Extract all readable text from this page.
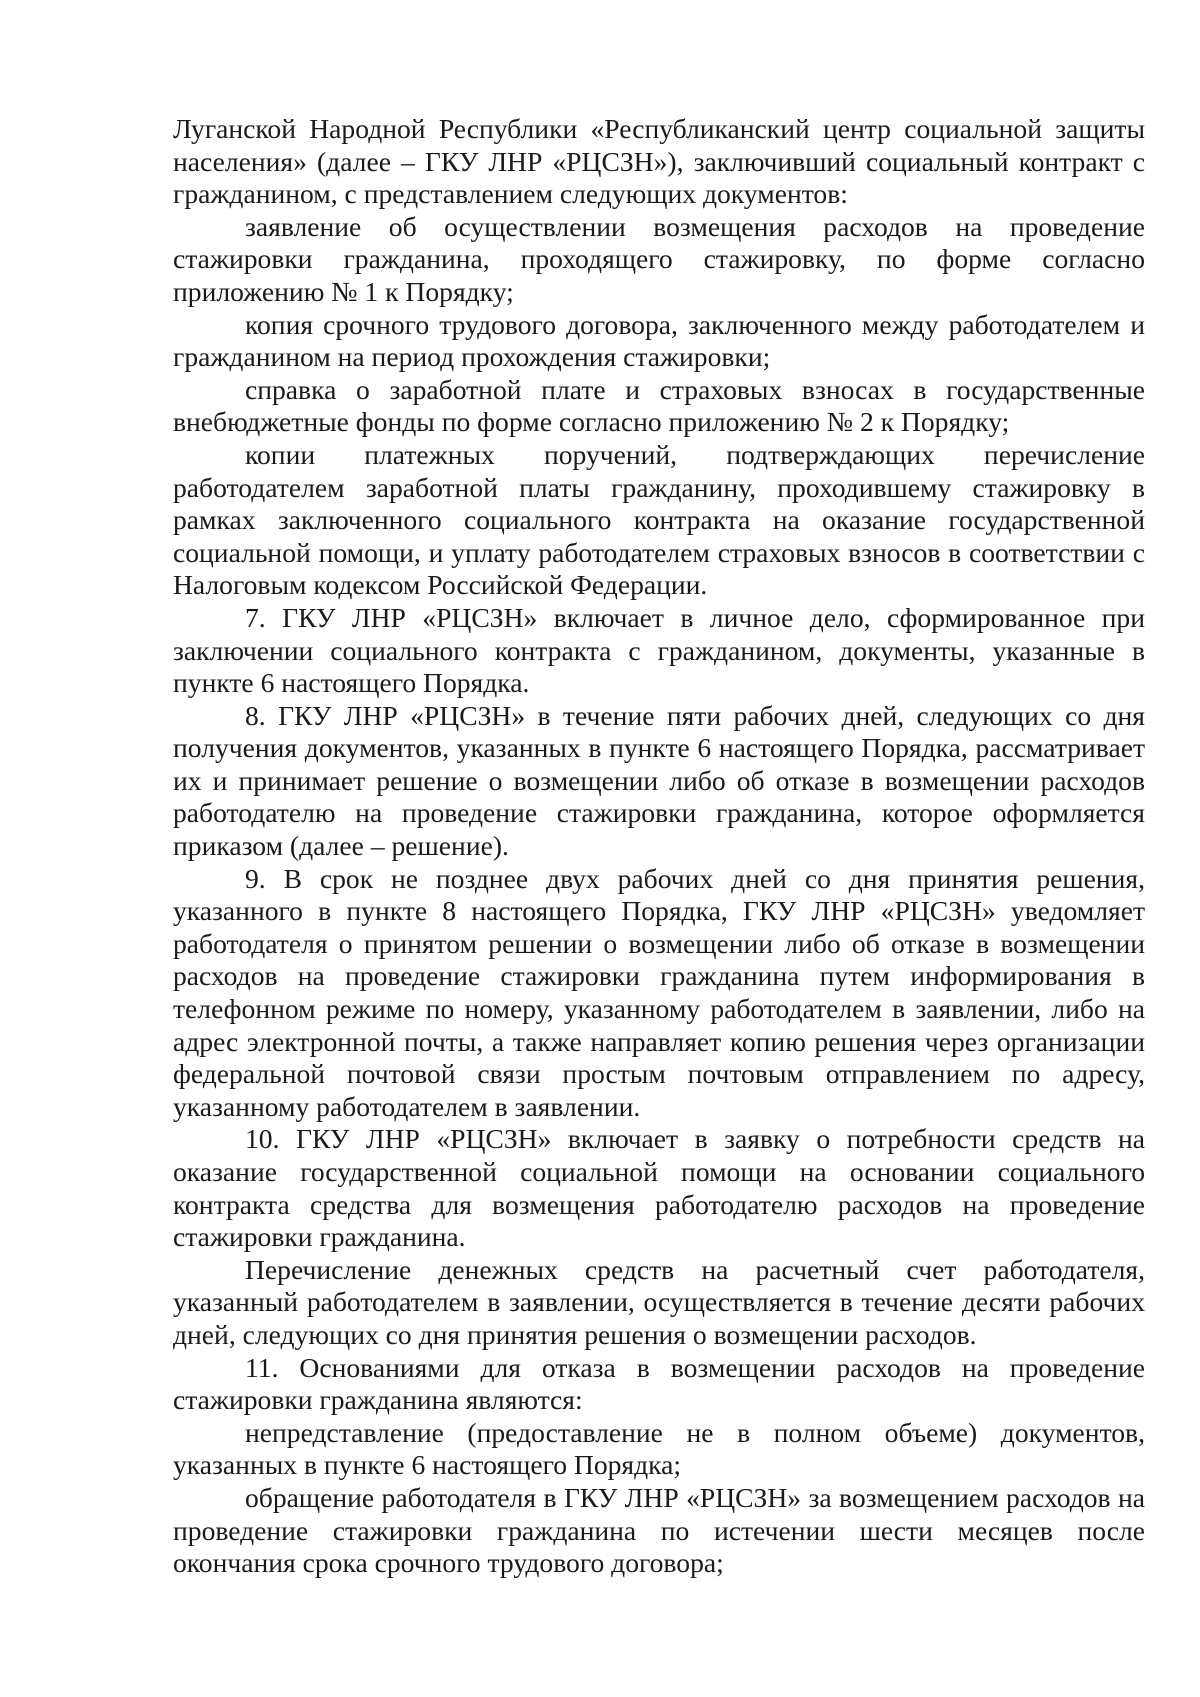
Луганской Народной Республики «Республиканский центр социальной защиты населения» (далее – ГКУ ЛНР «РЦСЗН»), заключивший социальный контракт с гражданином, с представлением следующих документов:

заявление об осуществлении возмещения расходов на проведение стажировки гражданина, проходящего стажировку, по форме согласно приложению № 1 к Порядку;

копия срочного трудового договора, заключенного между работодателем и гражданином на период прохождения стажировки;

справка о заработной плате и страховых взносах в государственные внебюджетные фонды по форме согласно приложению № 2 к Порядку;

копии платежных поручений, подтверждающих перечисление работодателем заработной платы гражданину, проходившему стажировку в рамках заключенного социального контракта на оказание государственной социальной помощи, и уплату работодателем страховых взносов в соответствии с Налоговым кодексом Российской Федерации.

7. ГКУ ЛНР «РЦСЗН» включает в личное дело, сформированное при заключении социального контракта с гражданином, документы, указанные в пункте 6 настоящего Порядка.

8. ГКУ ЛНР «РЦСЗН» в течение пяти рабочих дней, следующих со дня получения документов, указанных в пункте 6 настоящего Порядка, рассматривает их и принимает решение о возмещении либо об отказе в возмещении расходов работодателю на проведение стажировки гражданина, которое оформляется приказом (далее – решение).

9. В срок не позднее двух рабочих дней со дня принятия решения, указанного в пункте 8 настоящего Порядка, ГКУ ЛНР «РЦСЗН» уведомляет работодателя о принятом решении о возмещении либо об отказе в возмещении расходов на проведение стажировки гражданина путем информирования в телефонном режиме по номеру, указанному работодателем в заявлении, либо на адрес электронной почты, а также направляет копию решения через организации федеральной почтовой связи простым почтовым отправлением по адресу, указанному работодателем в заявлении.

10. ГКУ ЛНР «РЦСЗН» включает в заявку о потребности средств на оказание государственной социальной помощи на основании социального контракта средства для возмещения работодателю расходов на проведение стажировки гражданина.

Перечисление денежных средств на расчетный счет работодателя, указанный работодателем в заявлении, осуществляется в течение десяти рабочих дней, следующих со дня принятия решения о возмещении расходов.

11. Основаниями для отказа в возмещении расходов на проведение стажировки гражданина являются:

непредставление (предоставление не в полном объеме) документов, указанных в пункте 6 настоящего Порядка;

обращение работодателя в ГКУ ЛНР «РЦСЗН» за возмещением расходов на проведение стажировки гражданина по истечении шести месяцев после окончания срока срочного трудового договора;
